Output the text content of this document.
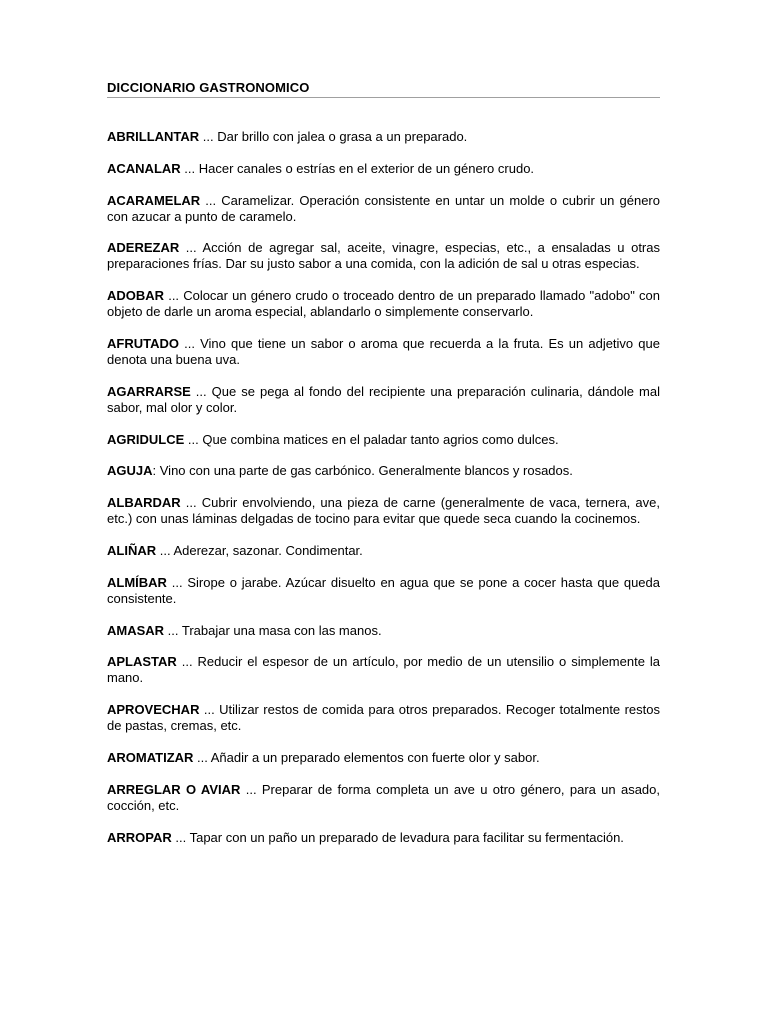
DICCIONARIO GASTRONOMICO

ABRILLANTAR ... Dar brillo con jalea o grasa a un preparado.

ACANALAR ... Hacer canales o estrías en el exterior de un género crudo.

ACARAMELAR ... Caramelizar. Operación consistente en untar un molde o cubrir un género con azucar a punto de caramelo.

ADEREZAR ... Acción de agregar sal, aceite, vinagre, especias, etc., a ensaladas u otras preparaciones frías. Dar su justo sabor a una comida, con la adición de sal u otras especias.

ADOBAR ... Colocar un género crudo o troceado dentro de un preparado llamado "adobo" con objeto de darle un aroma especial, ablandarlo o simplemente conservarlo.

AFRUTADO ... Vino que tiene un sabor o aroma que recuerda a la fruta. Es un adjetivo que denota una buena uva.

AGARRARSE ... Que se pega al fondo del recipiente una preparación culinaria, dándole mal sabor, mal olor y color.

AGRIDULCE ... Que combina matices en el paladar tanto agrios como dulces.

AGUJA: Vino con una parte de gas carbónico. Generalmente blancos y rosados.

ALBARDAR ... Cubrir envolviendo, una pieza de carne (generalmente de vaca, ternera, ave, etc.) con unas láminas delgadas de tocino para evitar que quede seca cuando la cocinemos.

ALIÑAR ... Aderezar, sazonar. Condimentar.

ALMÍBAR ... Sirope o jarabe. Azúcar disuelto en agua que se pone a cocer hasta que queda consistente.

AMASAR ... Trabajar una masa con las manos.

APLASTAR ... Reducir el espesor de un artículo, por medio de un utensilio o simplemente la mano.

APROVECHAR ... Utilizar restos de comida para otros preparados. Recoger totalmente restos de pastas, cremas, etc.

AROMATIZAR ... Añadir a un preparado elementos con fuerte olor y sabor.

ARREGLAR O AVIAR ... Preparar de forma completa un ave u otro género, para un asado, cocción, etc.

ARROPAR ... Tapar con un paño un preparado de levadura para facilitar su fermentación.
